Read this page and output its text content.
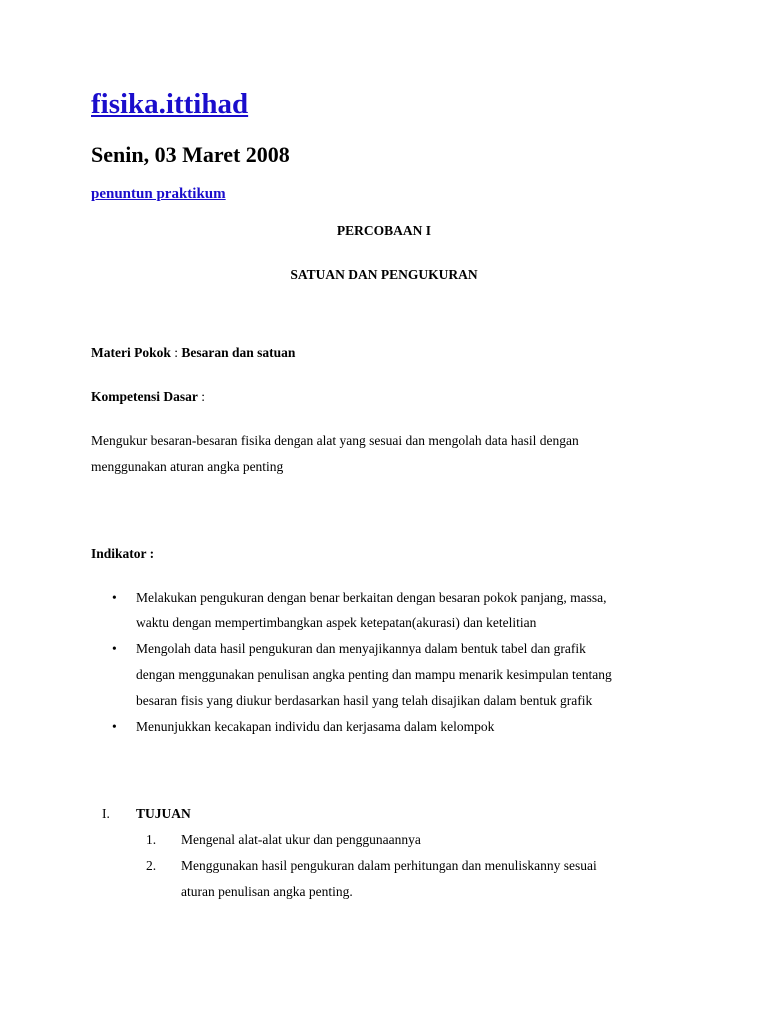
fisika.ittihad
Senin, 03 Maret 2008
penuntun praktikum
PERCOBAAN I
SATUAN DAN PENGUKURAN
Materi Pokok : Besaran dan satuan
Kompetensi Dasar :
Mengukur besaran-besaran fisika dengan alat yang sesuai dan mengolah data hasil dengan
menggunakan aturan angka penting
Indikator :
• Melakukan pengukuran dengan benar berkaitan dengan besaran pokok panjang, massa,
waktu dengan mempertimbangkan aspek ketepatan(akurasi) dan ketelitian
• Mengolah data hasil pengukuran dan menyajikannya dalam bentuk tabel dan grafik
dengan menggunakan penulisan angka penting dan mampu menarik kesimpulan tentang
besaran fisis yang diukur berdasarkan hasil yang telah disajikan dalam bentuk grafik
• Menunjukkan kecakapan individu dan kerjasama dalam kelompok
I. TUJUAN
1. Mengenal alat-alat ukur dan penggunaannya
2. Menggunakan hasil pengukuran dalam perhitungan dan menuliskanny sesuai
aturan penulisan angka penting.
